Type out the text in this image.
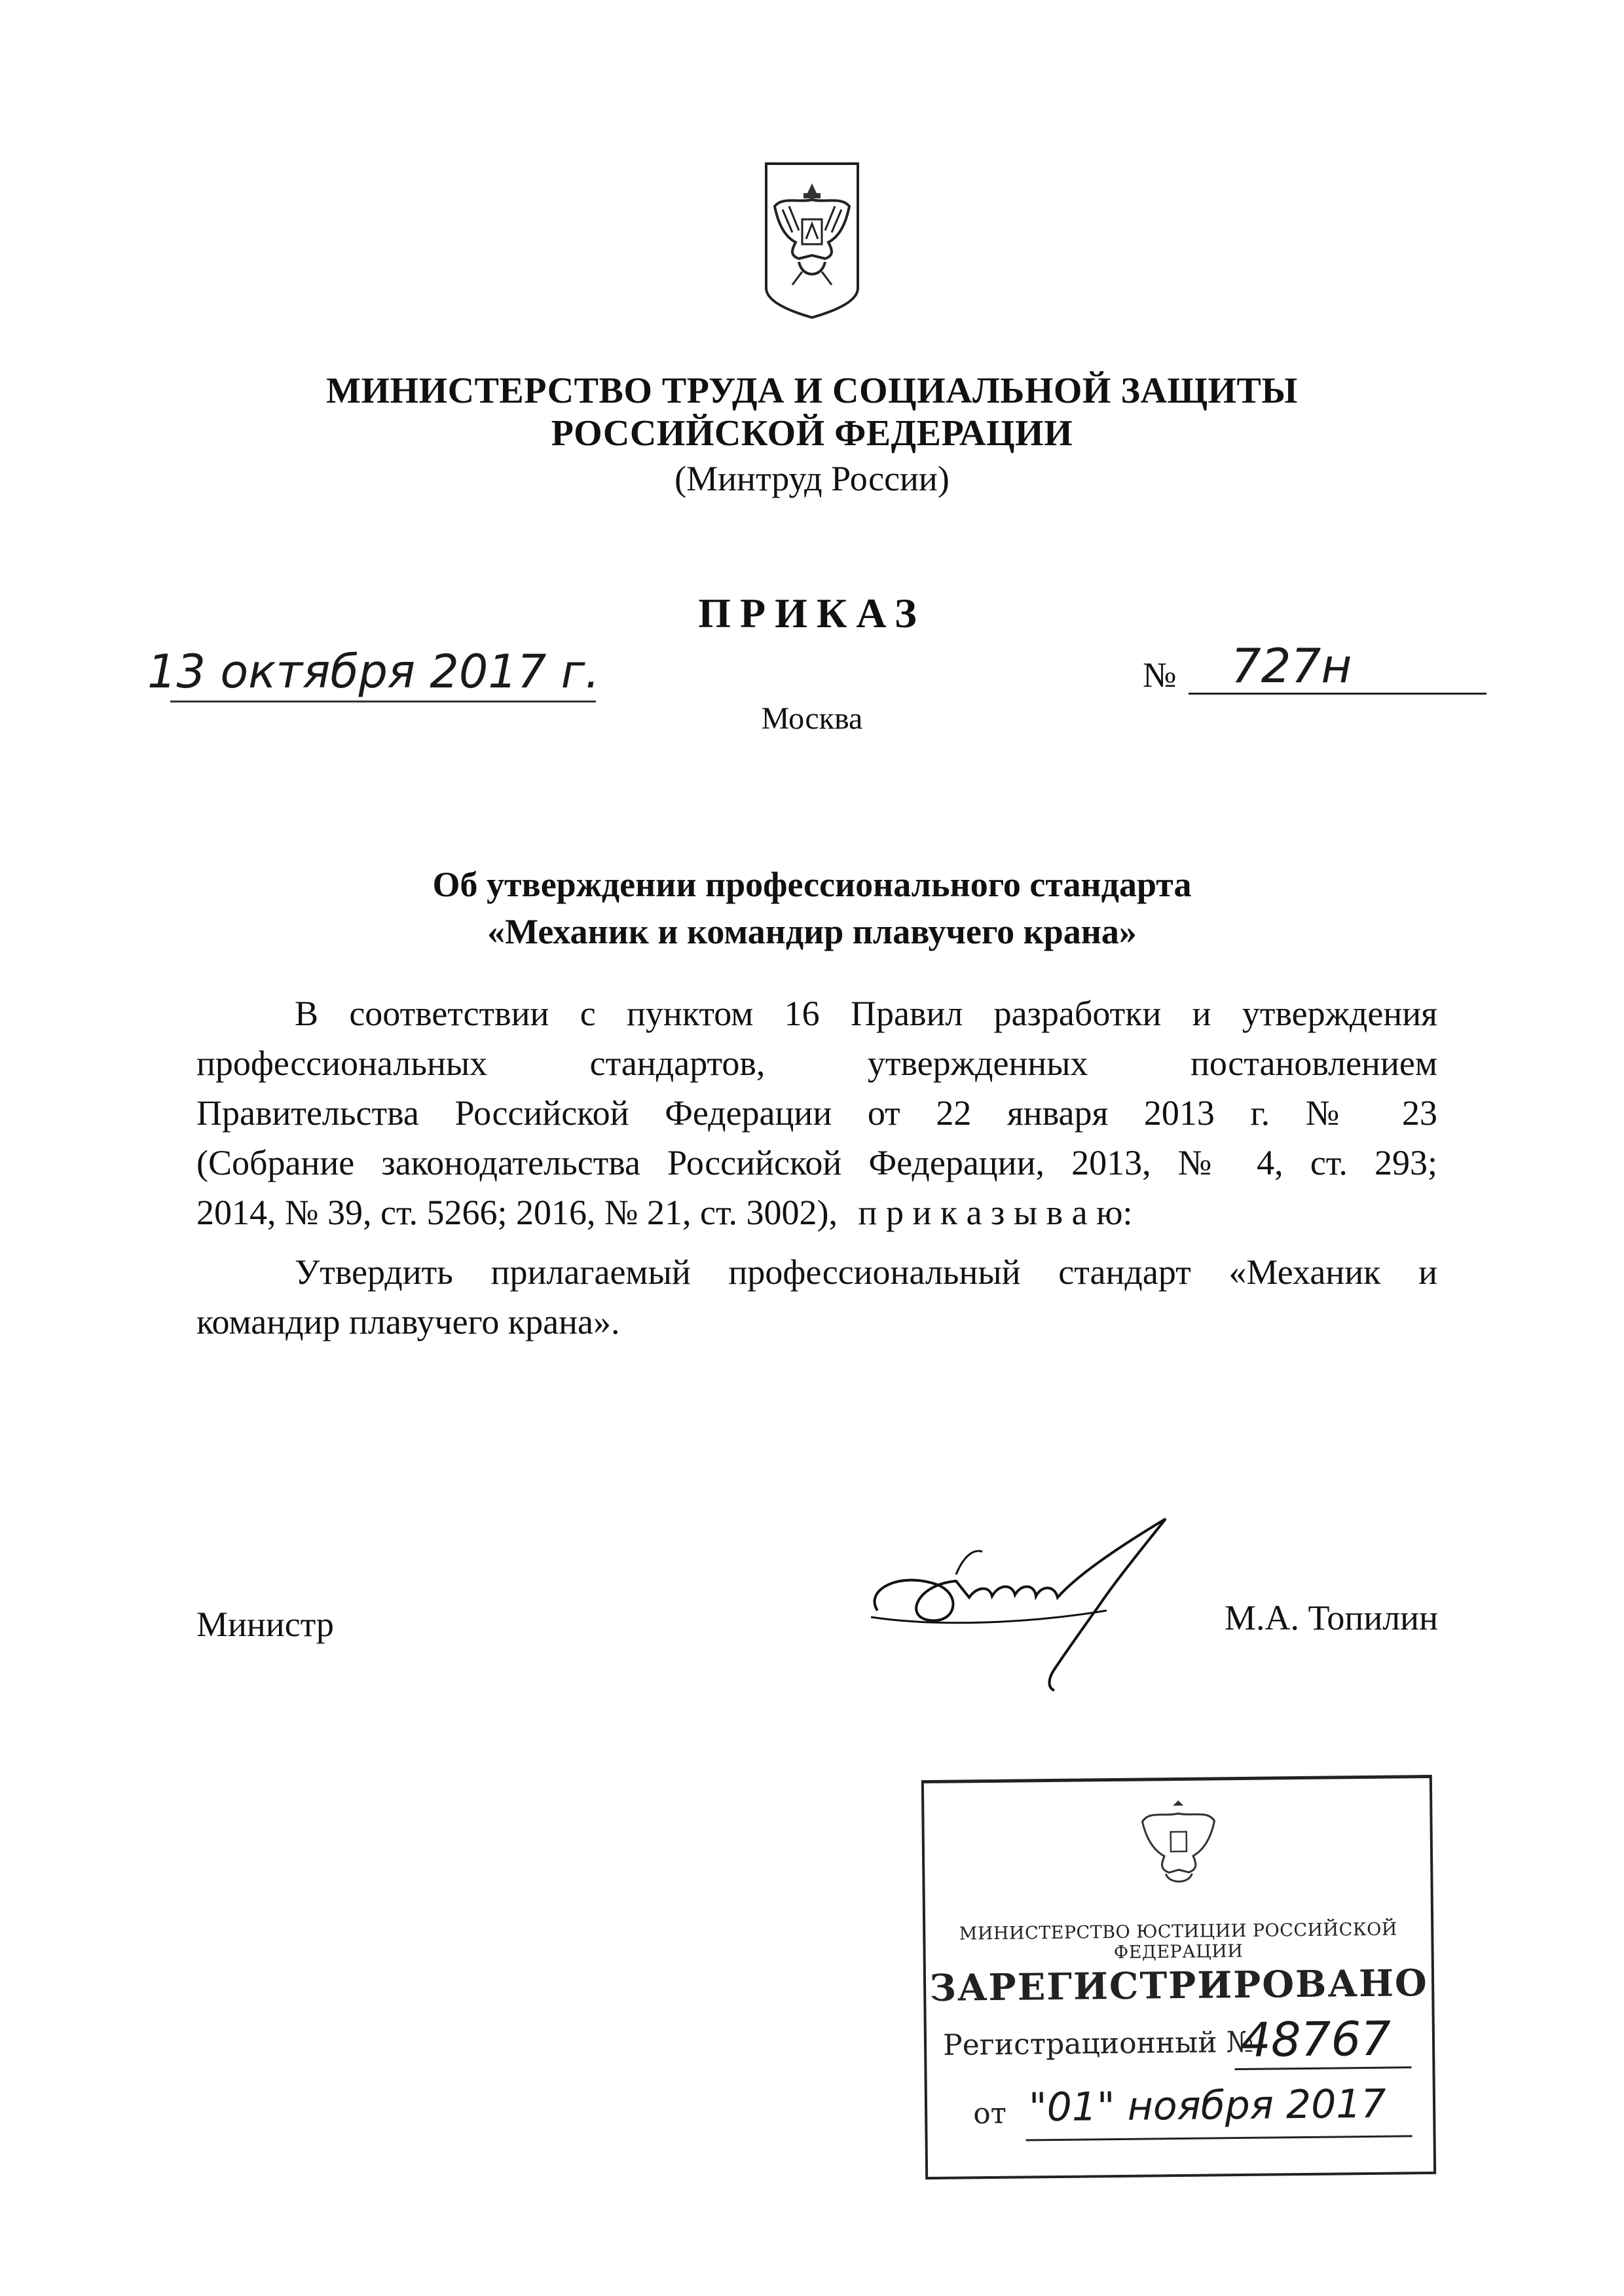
МИНИСТЕРСТВО ТРУДА И СОЦИАЛЬНОЙ ЗАЩИТЫ
РОССИЙСКОЙ ФЕДЕРАЦИИ
(Минтруд России)
ПРИКАЗ
13 октября 2017 г.	№ 727н
Москва
Об утверждении профессионального стандарта
«Механик и командир плавучего крана»
В соответствии с пунктом 16 Правил разработки и утверждения
профессиональных стандартов, утвержденных постановлением
Правительства Российской Федерации от 22 января 2013 г. № 23
(Собрание законодательства Российской Федерации, 2013, № 4, ст. 293;
2014, № 39, ст. 5266; 2016, № 21, ст. 3002), п р и к а з ы в а ю:
Утвердить прилагаемый профессиональный стандарт «Механик и
командир плавучего крана».
Министр	М.А. Топилин
МИНИСТЕРСТВО ЮСТИЦИИ РОССИЙСКОЙ ФЕДЕРАЦИИ
ЗАРЕГИСТРИРОВАНО
Регистрационный №
48767
от "01" ноября 2017
